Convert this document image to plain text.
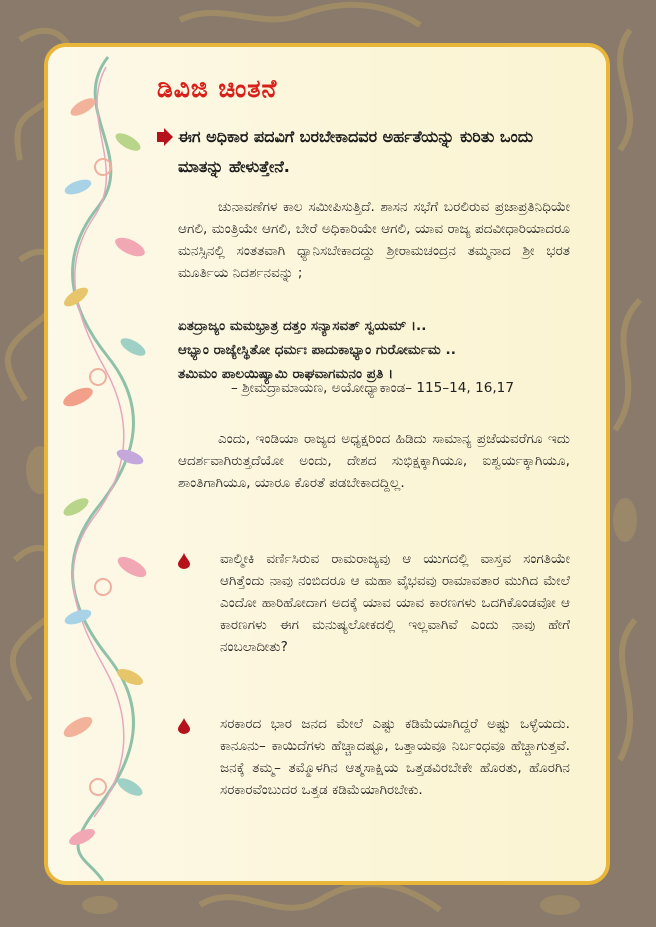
ಡಿವಿಜಿ ಚಿಂತನೆ
ಈಗ ಅಧಿಕಾರ ಪದವಿಗೆ ಬರಬೇಕಾದವರ ಅರ್ಹತೆಯನ್ನು ಕುರಿತು ಒಂದು ಮಾತನ್ನು ಹೇಳುತ್ತೇನೆ.
ಚುನಾವಣೆಗಳ ಕಾಲ ಸಮೀಪಿಸುತ್ತಿದೆ. ಶಾಸನ ಸಭೆಗೆ ಬರಲಿರುವ ಪ್ರಜಾಪ್ರತಿನಿಧಿಯೇ ಆಗಲಿ, ಮಂತ್ರಿಯೇ ಆಗಲಿ, ಬೇರೆ ಅಧಿಕಾರಿಯೇ ಆಗಲಿ, ಯಾವ ರಾಜ್ಯ ಪದವೀಧಾರಿಯಾದರೂ ಮನಸ್ಸಿನಲ್ಲಿ ಸಂತತವಾಗಿ ಧ್ಯಾನಿಸಬೇಕಾದದ್ದು ಶ್ರೀರಾಮಚಂದ್ರನ ತಮ್ಮನಾದ ಶ್ರೀ ಭರತ ಮೂರ್ತಿಯ ನಿದರ್ಶನವನ್ನು ;
ಏತದ್ರಾಜ್ಯಂ ಮಮಭ್ರಾತ್ರ ದತ್ತಂ ಸನ್ಯಾಸವತ್ ಸ್ವಯಮ್ ।..
ಆಭ್ಯಾಂ ರಾಜ್ಯೇಸ್ಥಿತೋ ಧರ್ಮಃ ಪಾದುಕಾಭ್ಯಾಂ ಗುರೋರ್ಮಮ ..
ತಮಿಮಂ ಪಾಲಯಿಷ್ಯಾಮಿ ರಾಘವಾಗಮನಂ ಪ್ರತಿ ।
– ಶ್ರೀಮದ್ರಾಮಾಯಣ, ಅಯೋಧ್ಯಾಕಾಂಡ– 115–14, 16,17
ಎಂದು, ಇಂಡಿಯಾ ರಾಜ್ಯದ ಅಧ್ಯಕ್ಷರಿಂದ ಹಿಡಿದು ಸಾಮಾನ್ಯ ಪ್ರಜೆಯವರೆಗೂ ಇದು ಆದರ್ಶವಾಗಿರುತ್ತದೆಯೋ ಅಂದು, ದೇಶದ ಸುಭಿಕ್ಷಕ್ಕಾಗಿಯೂ, ಐಶ್ವರ್ಯಕ್ಕಾಗಿಯೂ, ಶಾಂತಿಗಾಗಿಯೂ, ಯಾರೂ ಕೊರತೆ ಪಡಬೇಕಾದದ್ದಿಲ್ಲ.
ವಾಲ್ಮೀಕಿ ವರ್ಣಿಸಿರುವ ರಾಮರಾಜ್ಯವು ಆ ಯುಗದಲ್ಲಿ ವಾಸ್ತವ ಸಂಗತಿಯೇ ಆಗಿತ್ತೆಂದು ನಾವು ನಂಬಿದರೂ ಆ ಮಹಾ ವೈಭವವು ರಾಮಾವತಾರ ಮುಗಿದ ಮೇಲೆ ಎಂದೋ ಹಾರಿಹೋದಾಗ ಅದಕ್ಕೆ ಯಾವ ಯಾವ ಕಾರಣಗಳು ಒದಗಿಕೊಂಡವೋ ಆ ಕಾರಣಗಳು ಈಗ ಮನುಷ್ಯಲೋಕದಲ್ಲಿ ಇಲ್ಲವಾಗಿವೆ ಎಂದು ನಾವು ಹೇಗೆ ನಂಬಲಾದೀತು?
ಸರಕಾರದ ಭಾರ ಜನದ ಮೇಲೆ ಎಷ್ಟು ಕಡಿಮೆಯಾಗಿದ್ದರೆ ಅಷ್ಟು ಒಳ್ಳೆಯದು. ಕಾನೂನು– ಕಾಯಿದೆಗಳು ಹೆಚ್ಚಾದಷ್ಟೂ, ಒತ್ತಾಯವೂ ನಿರ್ಬಂಧವೂ ಹೆಚ್ಚಾಗುತ್ತವೆ. ಜನಕ್ಕೆ ತಮ್ಮ– ತಮ್ಮೊಳಗಿನ ಆತ್ಮಸಾಕ್ಷಿಯ ಒತ್ತಡವಿರಬೇಕೇ ಹೊರತು, ಹೊರಗಿನ ಸರಕಾರವೆಂಬುದರ ಒತ್ತಡ ಕಡಿಮೆಯಾಗಿರಬೇಕು.
